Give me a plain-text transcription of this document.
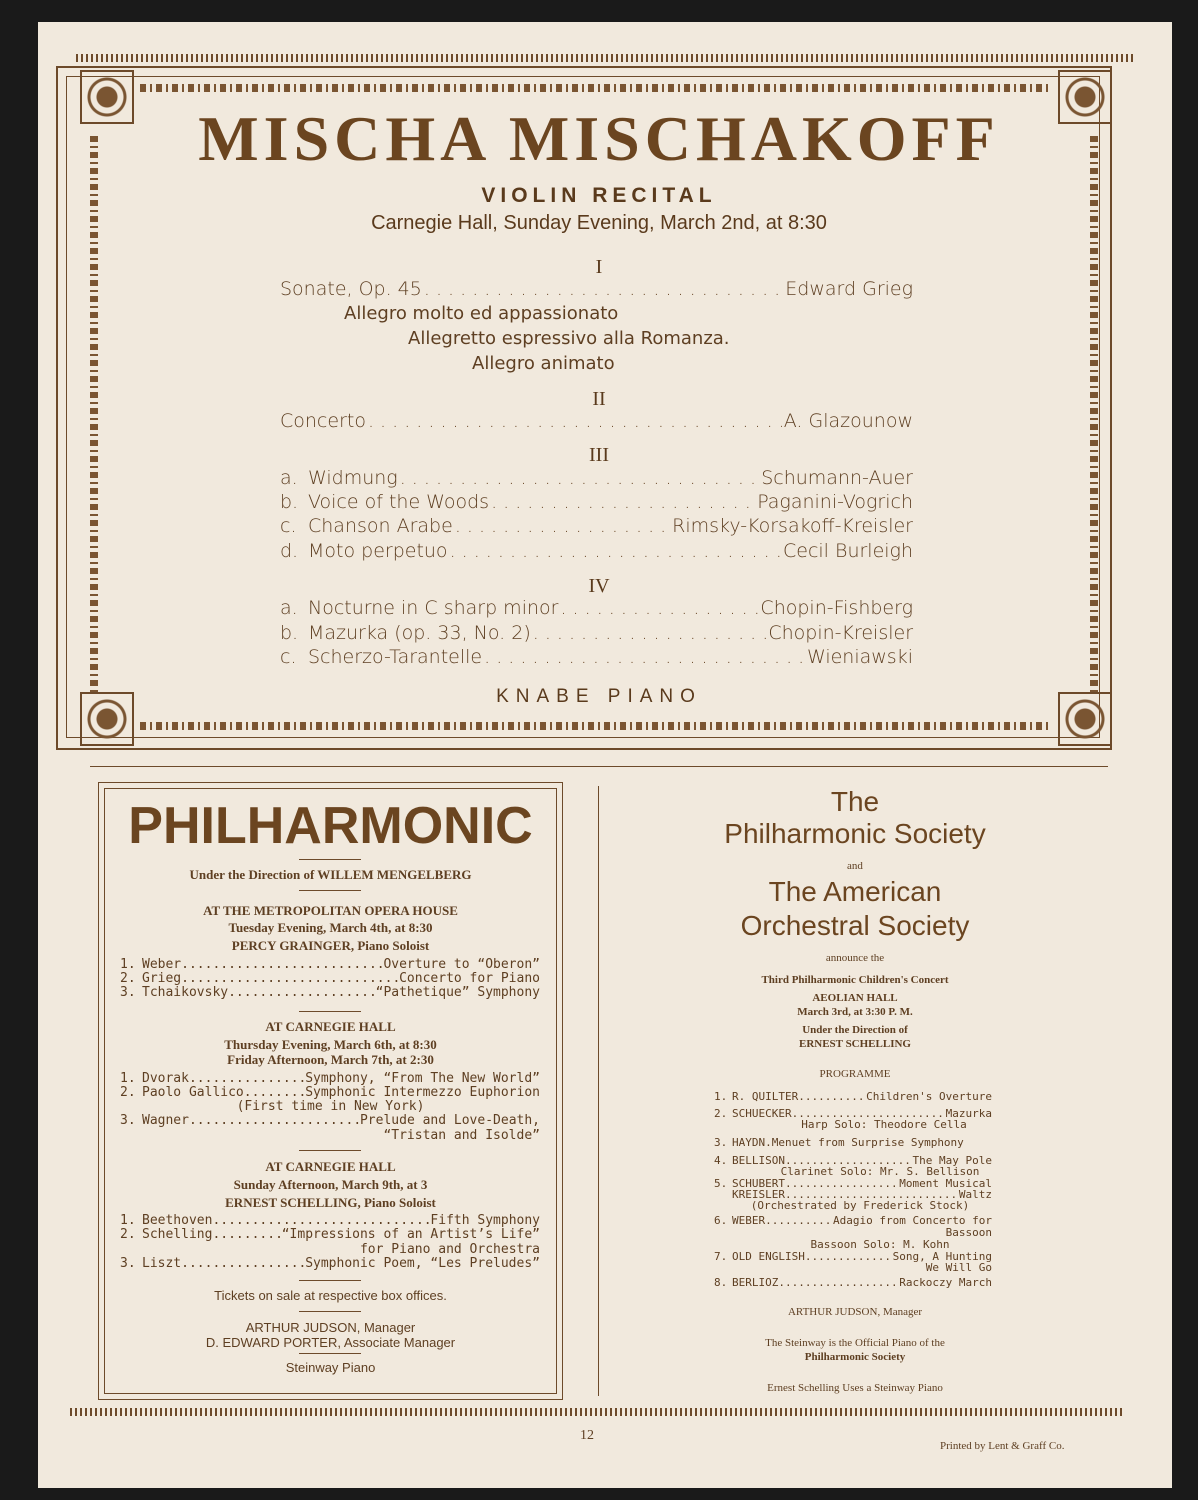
MISCHA MISCHAKOFF
VIOLIN RECITAL
Carnegie Hall, Sunday Evening, March 2nd, at 8:30
I
Sonate, Op. 45 . . .	Edward Grieg
Allegro molto ed appassionato
Allegretto espressivo alla Romanza.
Allegro animato
II
Concerto . . .	A. Glazounow
III
a. Widmung . . .	Schumann-Auer
b. Voice of the Woods . . .	Paganini-Vogrich
c. Chanson Arabe . . .	Rimsky-Korsakoff-Kreisler
d. Moto perpetuo . . .	Cecil Burleigh
IV
a. Nocturne in C sharp minor . . .	Chopin-Fishberg
b. Mazurka (op. 33, No. 2) . . .	Chopin-Kreisler
c. Scherzo-Tarantelle . . .	Wieniawski
KNABE PIANO
PHILHARMONIC
Under the Direction of WILLEM MENGELBERG
AT THE METROPOLITAN OPERA HOUSE
Tuesday Evening, March 4th, at 8:30
PERCY GRAINGER, Piano Soloist
1. Weber .....	Overture to “Oberon”
2. Grieg .....	Concerto for Piano
3. Tchaikovsky .....	“Pathetique” Symphony
AT CARNEGIE HALL
Thursday Evening, March 6th, at 8:30
Friday Afternoon, March 7th, at 2:30
1. Dvorak .....	Symphony, “From The New World”
2. Paolo Gallico .....	Symphonic Intermezzo Euphorion
(First time in New York)
3. Wagner .....	Prelude and Love-Death,
“Tristan and Isolde”
AT CARNEGIE HALL
Sunday Afternoon, March 9th, at 3
ERNEST SCHELLING, Piano Soloist
1. Beethoven .....	Fifth Symphony
2. Schelling .....	“Impressions of an Artist’s Life”
for Piano and Orchestra
3. Liszt .....	Symphonic Poem, “Les Preludes”
Tickets on sale at respective box offices.
ARTHUR JUDSON, Manager
D. EDWARD PORTER, Associate Manager
Steinway Piano
The
Philharmonic Society
and
The American
Orchestral Society
announce the
Third Philharmonic Children's Concert
AEOLIAN HALL
March 3rd, at 3:30 P. M.
Under the Direction of
ERNEST SCHELLING
PROGRAMME
1. R. QUILTER .....	Children's Overture
2. SCHUECKER .....	Mazurka
Harp Solo: Theodore Cella
3. HAYDN. Menuet from Surprise Symphony
4. BELLISON .....	The May Pole
Clarinet Solo: Mr. S. Bellison
5. SCHUBERT .....	Moment Musical
KREISLER .....	Waltz
(Orchestrated by Frederick Stock)
6. WEBER .....	Adagio from Concerto for
Bassoon
Bassoon Solo: M. Kohn
7. OLD ENGLISH .....	Song, A Hunting
We Will Go
8. BERLIOZ .....	Rackoczy March
ARTHUR JUDSON, Manager
The Steinway is the Official Piano of the
Philharmonic Society
Ernest Schelling Uses a Steinway Piano
12
Printed by Lent & Graff Co.
